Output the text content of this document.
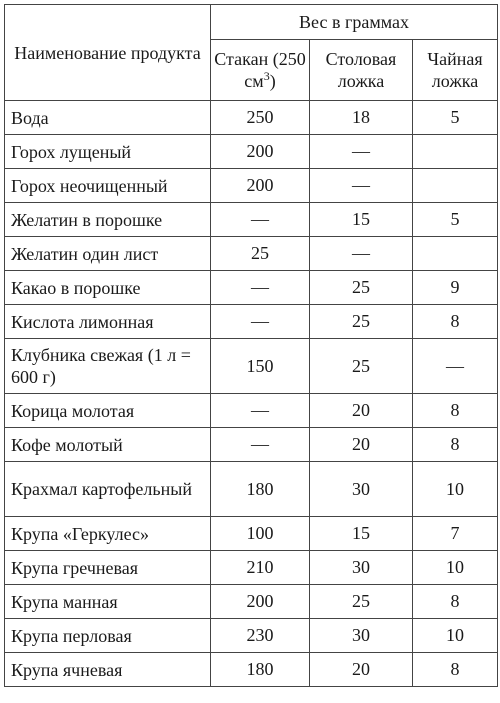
Наименование продукта	Вес в граммах		
	Стакан (250 $см^3$)	Столовая ложка	Чайная ложка
Вода	250	18	5
Горох лущеный	200	—	
Горох неочищенный	200	—	
Желатин в порошке	—	15	5
Желатин один лист	25	—	
Какао в порошке	—	25	9
Кислота лимонная	—	25	8
Клубника свежая (1 л = 600 г)	150	25	—
Корица молотая	—	20	8
Кофе молотый	—	20	8
Крахмал картофельный	180	30	10
Крупа «Геркулес»	100	15	7
Крупа гречневая	210	30	10
Крупа манная	200	25	8
Крупа перловая	230	30	10
Крупа ячневая	180	20	8
